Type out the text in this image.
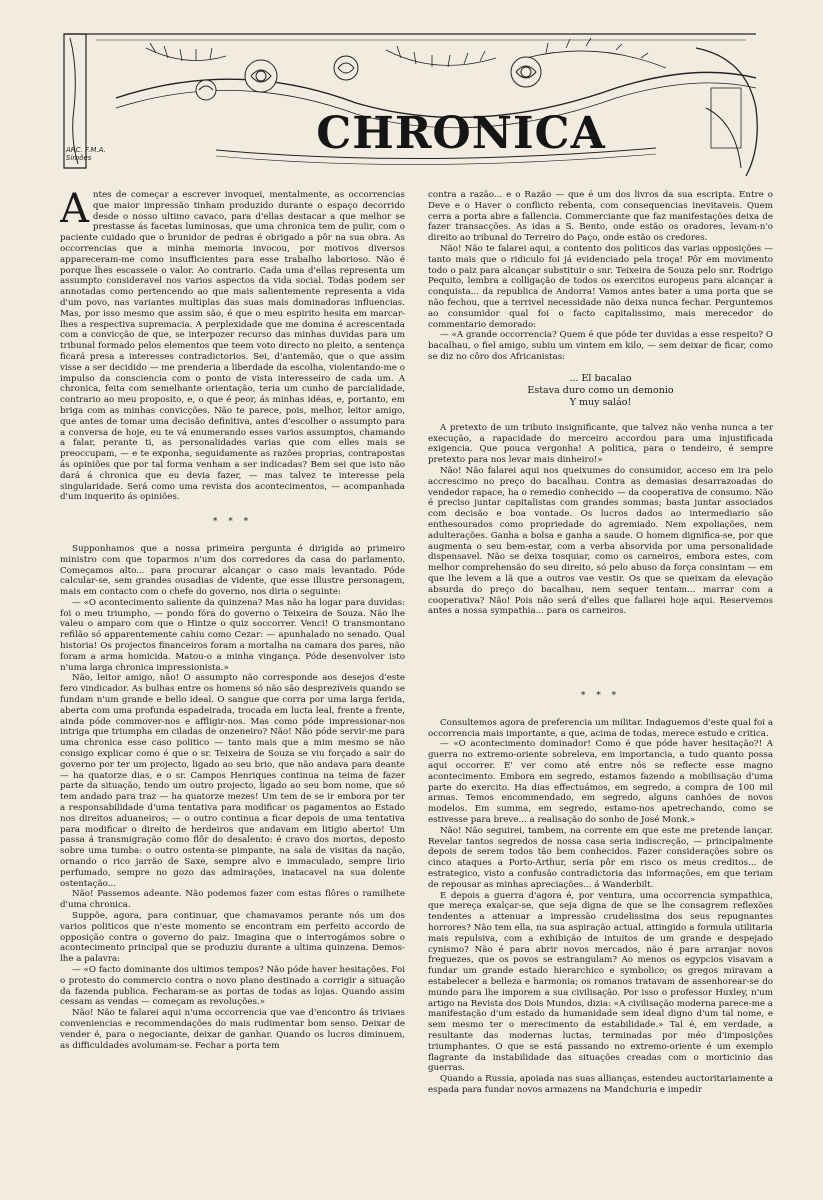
ARC. F.M.A.
Simões	CHRONICA

Antes de começar a escrever invoquei, mentalmente, as occorrencias que maior impressão tinham produzido durante o espaço decorrido desde o nosso ultimo cavaco, para d'ellas destacar a que melhor se prestasse ás facetas luminosas, que uma chronica tem de pulir, com o paciente cuidado que o brunidor de pedras é obrigado a pôr na sua obra. As occorrencias que a minha memoria invocou, por motivos diversos appareceram-me como insufficientes para esse trabalho laborioso. Não é porque lhes escasseie o valor. Ao contrario. Cada uma d'ellas representa um assumpto consideravel nos varios aspectos da vida social. Todas podem ser annotadas como pertencendo ao que mais salientemente representa a vida d'um povo, nas variantes multiplas das suas mais dominadoras influencias. Mas, por isso mesmo que assim são, é que o meu espirito hesita em marcar-lhes a respectiva supremacia. A perplexidade que me domina é acrescentada com a convicção de que, se interpozer recurso das minhas duvidas para um tribunal formado pelos elementos que teem voto directo no pleito, a sentença ficará presa a interesses contradictorios. Sei, d'antemão, que o que assim visse a ser decidido — me prenderia a liberdade da escolha, violentando-me o impulso da consciencia com o ponto de vista interesseiro de cada um. A chronica, feita com semelhante orientação, teria um cunho de parcialidade, contrario ao meu proposito, e, o que é peor, ás minhas idéas, e, portanto, em briga com as minhas convicções. Não te parece, pois, melhor, leitor amigo, que antes de tomar uma decisão definitiva, antes d'escolher o assumpto para a conversa de hoje, eu te vá enumerando esses varios assumptos, chamando a falar, perante ti, as personalidades varias que com elles mais se preoccupam, — e te exponha, seguidamente as razões proprias, contrapostas ás opiniões que por tal forma venham a ser indicadas? Bem sei que isto não dará á chronica que eu devia fazer, — mas talvez te interesse pela singularidade. Será como uma revista dos acontecimentos, — acompanhada d'um inquerito ás opiniões.

* * *

Supponhamos que a nossa primeira pergunta é dirigida ao primeiro ministro com que toparmos n'um dos corredores da casa do parlamento. Começamos alto... para procurar alcançar o caso mais levantado. Póde calcular-se, sem grandes ousadias de vidente, que esse illustre personagem, mais em contacto com o chefe do governo, nos diria o seguinte:

— «O acontecimento saliente da quinzena? Mas não ha logar para duvidas: foi o meu triumpho, — pondo fóra do governo o Teixeira de Souza. Não lhe valeu o amparo com que o Hintze o quiz soccorrer. Venci! O transmontano refilão só apparentemente cahiu como Cezar: — apunhalado no senado. Qual historia! Os projectos financeiros foram a mortalha na camara dos pares, não foram a arma homicida. Matou-o a minha vingança. Póde desenvolver isto n'uma larga chronica impressionista.»

Não, leitor amigo, não! O assumpto não corresponde aos desejos d'este fero vindicador. As bulhas entre os homens só não são desprezíveis quando se fundam n'um grande e bello ideal. O sangue que corra por uma larga ferida, aberta com uma profunda espadeirada, trocada em lucta leal, frente a frente, ainda póde commover-nos e affligir-nos. Mas como póde impressionar-nos intriga que triumpha em ciladas de onzeneiro? Não! Não póde servir-me para uma chronica esse caso politico — tanto mais que a mim mesmo se não consigo explicar como é que o sr. Teixeira de Souza se viu forçado a sair do governo por ter um projecto, ligado ao seu brio, que não andava para deante — ha quatorze dias, e o sr. Campos Henriques continua na teima de fazer parte da situação, tendo um outro projecto, ligado ao seu bom nome, que só tem andado para traz — ha quatorze mezes! Um tem de se ir embora por ter a responsabilidade d'uma tentativa para modificar os pagamentos ao Estado nos direitos aduaneiros; — o outro continua a ficar depois de uma tentativa para modificar o direito de herdeiros que andavam em litigio aberto! Um passa á transmigração como flôr do desalento: é cravo dos mortos, deposto sobre uma tumba: o outro ostenta-se pimpante, na sala de visitas da nação, ornando o rico jarrão de Saxe, sempre alvo e immaculado, sempre lirio perfumado, sempre no gozo das admirações, inatacavel na sua dolente ostentação...

Não! Passemos adeante. Não podemos fazer com estas flôres o ramilhete d'uma chronica.

Suppõe, agora, para continuar, que chamavamos perante nós um dos varios politicos que n'este momento se encontram em perfeito accordo de opposição contra o governo do paiz. Imagina que o interrogámos sobre o acontecimento principal que se produziu durante a ultima quinzena. Demos-lhe a palavra:

— «O facto dominante dos ultimos tempos? Não póde haver hesitações. Foi o protesto do commercio contra o novo plano destinado a corrigir a situação da fazenda publica. Fecharam-se as portas de todas as lojas. Quando assim cessam as vendas — começam as revoluções.»

Não! Não te falarei aqui n'uma occorrencia que vae d'encontro ás triviaes conveniencias e recommendações do mais rudimentar bom senso. Deixar de vender é, para o negociante, deixar de ganhar. Quando os lucros diminuem, as difficuldades avolumam-se. Fechar a porta tem

contra a razão... e o Razão — que é um dos livros da sua escripta. Entre o Deve e o Haver o conflicto rebenta, com consequencias inevitaveis. Quem cerra a porta abre a fallencia. Commerciante que faz manifestações deixa de fazer transacções. As idas a S. Bento, onde estão os oradores, levam-n'o direito ao tribunal do Terreiro do Paço, onde estão os credores.

Não! Não te falarei aqui, a contento dos politicos das varias opposições — tanto mais que o ridiculo foi já evidenciado pela troça! Pôr em movimento todo o paiz para alcançar substituir o snr. Teixeira de Souza pelo snr. Rodrigo Pequito, lembra a colligação de todos os exercitos europeus para alcançar a conquista... da republica de Andorra! Vamos antes bater a uma porta que se não fechou, que a terrivel necessidade não deixa nunca fechar. Perguntemos ao consumidor qual foi o facto capitalissimo, mais merecedor do commentario demorado:

— «A grande occorrencia? Quem é que póde ter duvidas a esse respeito? O bacalhau, o fiel amigo, subiu um vintem em kilo, — sem deixar de ficar, como se diz no côro dos Africanistas:

... El bacalao
Estava duro como un demonio
Y muy saláo!

A pretexto de um tributo insignificante, que talvez não venha nunca a ter execução, a rapacidade do merceiro accordou para uma injustificada exigencia. Que pouca vergonha! A politica, para o tendeiro, é sempre pretexto para nos levar mais dinheiro!»

Não! Não falarei aqui nos queixumes do consumidor, acceso em ira pelo accrescimo no preço do bacalhau. Contra as demasias desarrazoadas do vendedor rapace, ha o remedio conhecido — da cooperativa de consumo. Não é preciso juntar capitalistas com grandes sommas; basta juntar associados com decisão e boa vontade. Os lucros dados ao intermediario são enthesourados como propriedade do agremiado. Nem expoliações, nem adulterações. Ganha a bolsa e ganha a saude. O homem dignifica-se, por que augmenta o seu bem-estar, com a verba absorvida por uma personalidade dispensavel. Não se deixa tosquiar, como os carneiros, embora estes, com melhor comprehensão do seu direito, só pelo abuso da força consintam — em que lhe levem a lã que a outros vae vestir. Os que se queixam da elevação absurda do preço do bacalhau, nem sequer tentam... marrar com a cooperativa? Não! Pois não será d'elles que fallarei hoje aqui. Reservemos antes a nossa sympathia... para os carneiros.

* * *

Consultemos agora de preferencia um militar. Indaguemos d'este qual foi a occorrencia mais importante, a que, acima de todas, merece estudo e critica.

— «O acontecimento dominador! Como é que póde haver hesitação?! A guerra no extremo-oriente sobreleva, em importancia, a tudo quanto possa aqui occorrer. E' ver como até entre nós se reflecte esse magno acontecimento. Embora em segredo, estamos fazendo a mobilisação d'uma parte do exercito. Ha dias effectuámos, em segredo, a compra de 100 mil armas. Temos encommendado, em segredo, alguns canhões de novos modelos. Em summa, em segredo, estamo-nos apetrechando, como se estivesse para breve... a realisação do sonho de José Monk.»

Não! Não seguirei, tambem, na corrente em que este me pretende lançar. Revelar tantos segredos de nossa casa seria indiscreção, — principalmente depois de serem todos tão bem conhecidos. Fazer considerações sobre os cinco ataques a Porto-Arthur, seria pôr em risco os meus creditos... de estrategico, visto a confusão contradictoria das informações, em que teriam de repousar as minhas apreciações... á Wanderbilt.

E depois a guerra d'agora é, por ventura, uma occorrencia sympathica, que mereça exalçar-se, que seja digna de que se lhe consagrem reflexões tendentes a attenuar a impressão crudelissima dos seus repugnantes horrores? Não tem ella, na sua aspiração actual, attingido a formula utilitaria mais repulsiva, com a exhibição de intuitos de um grande e despejado cynismo? Não é para abrir novos mercados, não é para arranjar novos freguezes, que os povos se estrangulam? Ao menos os egypcios visavam a fundar um grande estado hierarchico e symbolico; os gregos miravam a estabelecer a belleza e harmonia; os romanos tratavam de assenhorear-se do mundo para lhe imporem a sua civilisação. Por isso o professor Huxley, n'um artigo na Revista dos Dois Mundos, dizia: «A civilisação moderna parece-me a manifestação d'um estado da humanidade sem ideal digno d'um tal nome, e sem mesmo ter o merecimento da estabilidade.» Tal é, em verdade, a resultante das modernas luctas, terminadas por méo d'imposições triumphantes. O que se está passando no extremo-oriente é um exemplo flagrante da instabilidade das situações creadas com o morticinio das guerras.

Quando a Russia, apoiada nas suas allianças, estendeu auctoritariamente a espada para fundar novos armazens na Mandchuria e impedir
